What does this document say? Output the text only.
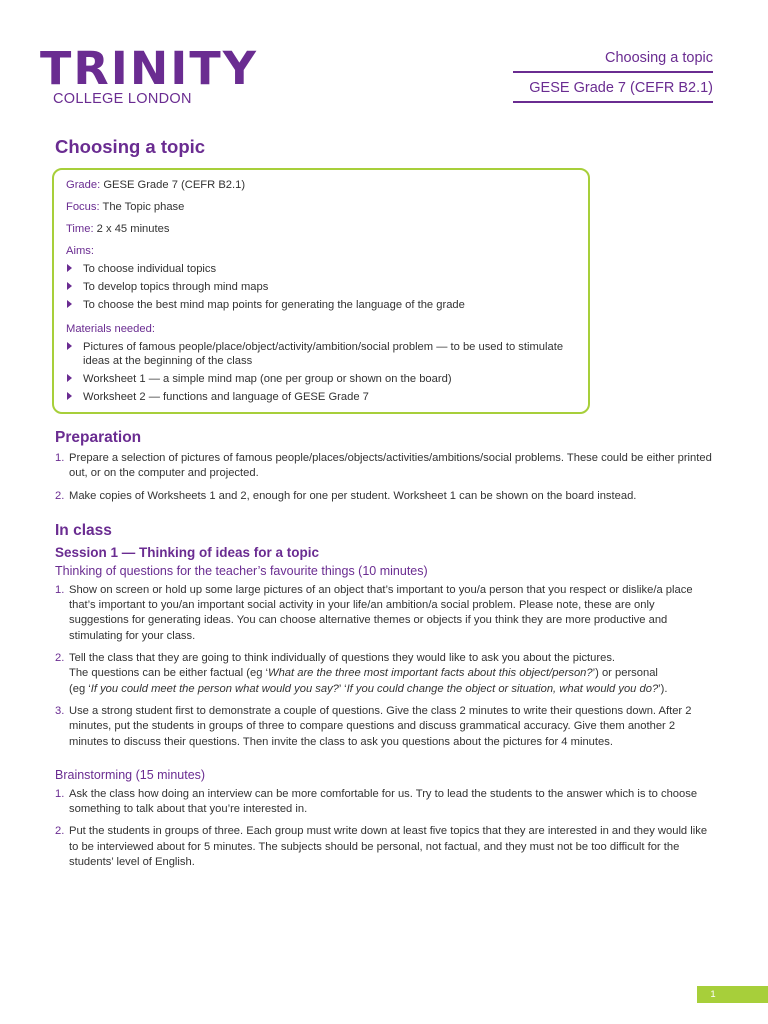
TRINITY
COLLEGE LONDON
Choosing a topic
GESE Grade 7 (CEFR B2.1)
Choosing a topic
Grade: GESE Grade 7 (CEFR B2.1)
Focus: The Topic phase
Time: 2 x 45 minutes
Aims:
To choose individual topics
To develop topics through mind maps
To choose the best mind map points for generating the language of the grade
Materials needed:
Pictures of famous people/place/object/activity/ambition/social problem — to be used to stimulate ideas at the beginning of the class
Worksheet 1 — a simple mind map (one per group or shown on the board)
Worksheet 2 — functions and language of GESE Grade 7
Preparation
1. Prepare a selection of pictures of famous people/places/objects/activities/ambitions/social problems. These could be either printed out, or on the computer and projected.
2. Make copies of Worksheets 1 and 2, enough for one per student. Worksheet 1 can be shown on the board instead.
In class
Session 1 — Thinking of ideas for a topic
Thinking of questions for the teacher’s favourite things (10 minutes)
1. Show on screen or hold up some large pictures of an object that’s important to you/a person that you respect or dislike/a place that’s important to you/an important social activity in your life/an ambition/a social problem. Please note, these are only suggestions for generating ideas. You can choose alternative themes or objects if you think they are more productive and stimulating for your class.
2. Tell the class that they are going to think individually of questions they would like to ask you about the pictures.
The questions can be either factual (eg ‘What are the three most important facts about this object/person?’) or personal
(eg ‘If you could meet the person what would you say?’ ‘If you could change the object or situation, what would you do?’).
3. Use a strong student first to demonstrate a couple of questions. Give the class 2 minutes to write their questions down. After 2 minutes, put the students in groups of three to compare questions and discuss grammatical accuracy. Give them another 2 minutes to discuss their questions. Then invite the class to ask you questions about the pictures for 4 minutes.
Brainstorming (15 minutes)
1. Ask the class how doing an interview can be more comfortable for us. Try to lead the students to the answer which is to choose something to talk about that you’re interested in.
2. Put the students in groups of three. Each group must write down at least five topics that they are interested in and they would like to be interviewed about for 5 minutes. The subjects should be personal, not factual, and they must not be too difficult for the students’ level of English.
1
